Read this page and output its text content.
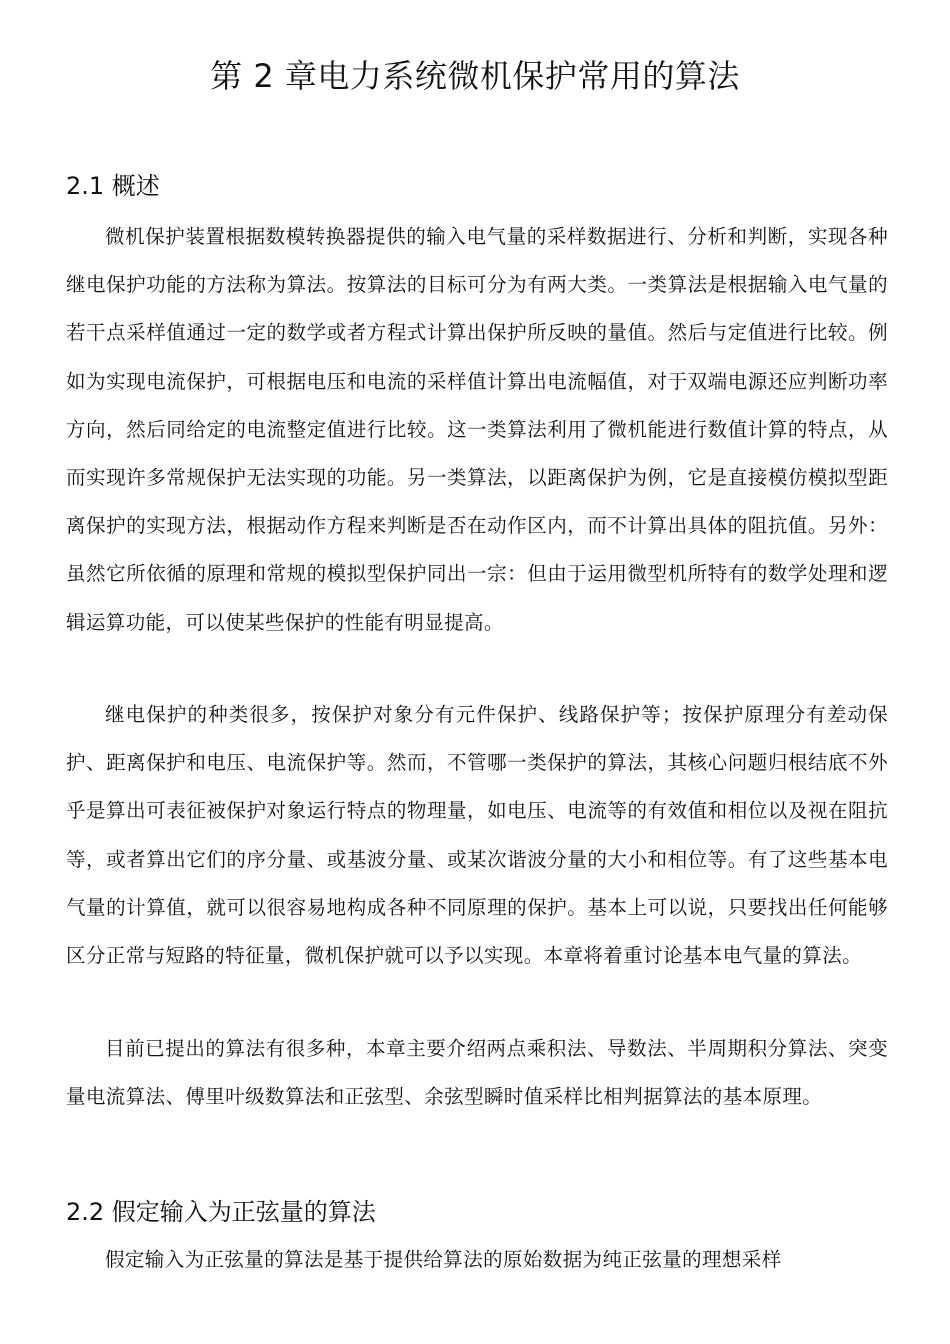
第 2 章电力系统微机保护常用的算法
2.1 概述

微机保护装置根据数模转换器提供的输入电气量的采样数据进行、分析和判断，实现各种继电保护功能的方法称为算法。按算法的目标可分为有两大类。一类算法是根据输入电气量的若干点采样值通过一定的数学或者方程式计算出保护所反映的量值。然后与定值进行比较。例如为实现电流保护，可根据电压和电流的采样值计算出电流幅值，对于双端电源还应判断功率方向，然后同给定的电流整定值进行比较。这一类算法利用了微机能进行数值计算的特点，从而实现许多常规保护无法实现的功能。另一类算法，以距离保护为例，它是直接模仿模拟型距离保护的实现方法，根据动作方程来判断是否在动作区内，而不计算出具体的阻抗值。另外：虽然它所依循的原理和常规的模拟型保护同出一宗：但由于运用微型机所特有的数学处理和逻辑运算功能，可以使某些保护的性能有明显提高。

继电保护的种类很多，按保护对象分有元件保护、线路保护等；按保护原理分有差动保护、距离保护和电压、电流保护等。然而，不管哪一类保护的算法，其核心问题归根结底不外乎是算出可表征被保护对象运行特点的物理量，如电压、电流等的有效值和相位以及视在阻抗等，或者算出它们的序分量、或基波分量、或某次谐波分量的大小和相位等。有了这些基本电气量的计算值，就可以很容易地构成各种不同原理的保护。基本上可以说，只要找出任何能够区分正常与短路的特征量，微机保护就可以予以实现。本章将着重讨论基本电气量的算法。

目前已提出的算法有很多种，本章主要介绍两点乘积法、导数法、半周期积分算法、突变量电流算法、傅里叶级数算法和正弦型、余弦型瞬时值采样比相判据算法的基本原理。

2.2 假定输入为正弦量的算法

假定输入为正弦量的算法是基于提供给算法的原始数据为纯正弦量的理想采样
